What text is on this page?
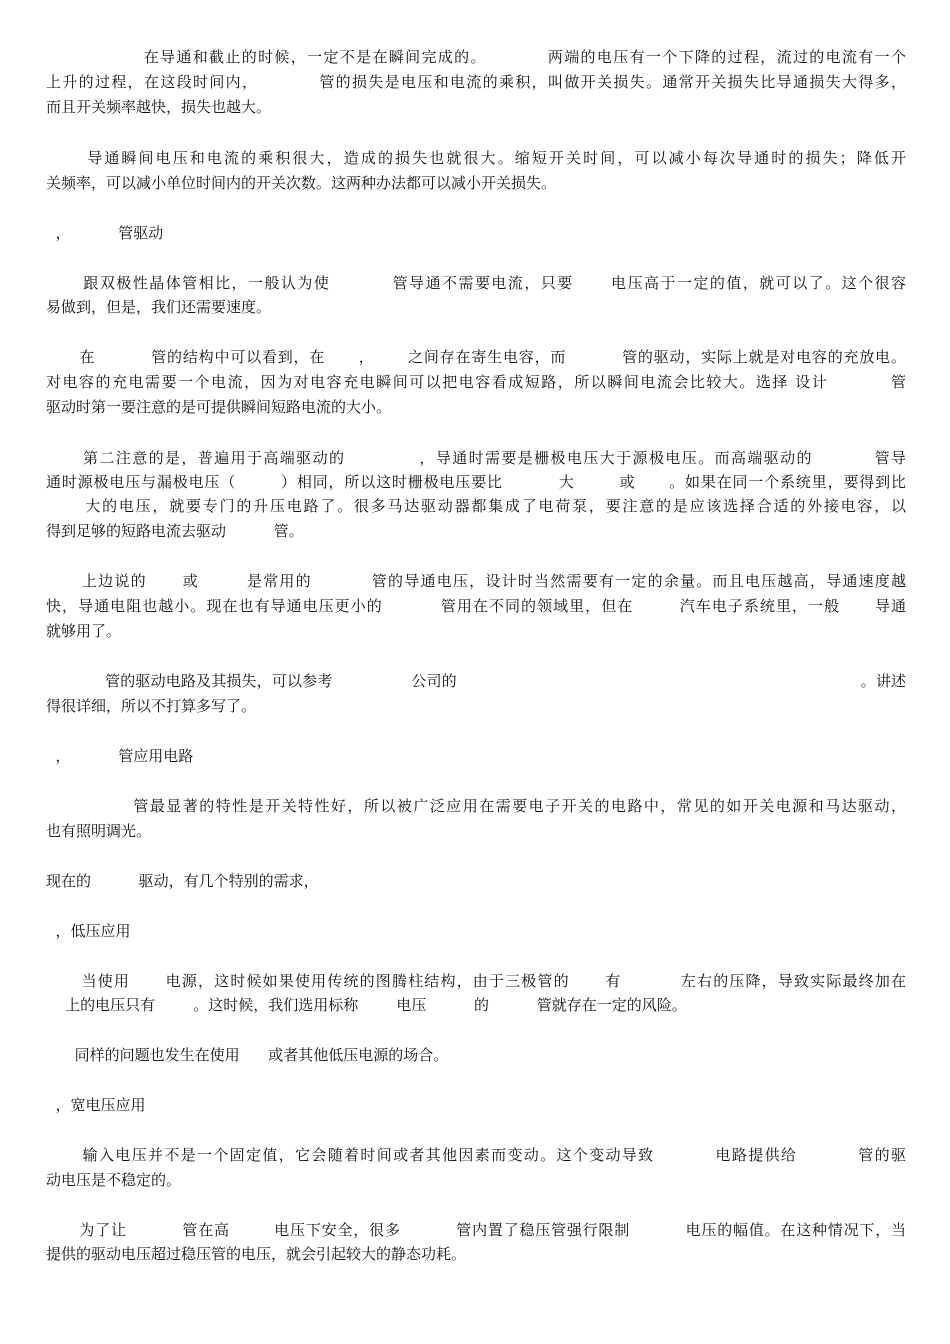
在导通和截止的时候，一定不是在瞬间完成的。          两端的电压有一个下降的过程，流过的电流有一个
上升的过程，在这段时间内，          管的损失是电压和电流的乘积，叫做开关损失。通常开关损失比导通损失大得多，
而且开关频率越快，损失也越大。
导通瞬间电压和电流的乘积很大，造成的损失也就很大。缩短开关时间，可以减小每次导通时的损失；降低开
关频率，可以减小单位时间内的开关次数。这两种办法都可以减小开关损失。
，          管驱动
跟双极性晶体管相比，一般认为使          管导通不需要电流，只要      电压高于一定的值，就可以了。这个很容
易做到，但是，我们还需要速度。
在          管的结构中可以看到，在      ，      之间存在寄生电容，而          管的驱动，实际上就是对电容的充放电。
对电容的充电需要一个电流，因为对电容充电瞬间可以把电容看成短路，所以瞬间电流会比较大。选择 设计          管
驱动时第一要注意的是可提供瞬间短路电流的大小。
第二注意的是，普遍用于高端驱动的            ，导通时需要是栅极电压大于源极电压。而高端驱动的          管导
通时源极电压与漏极电压（        ）相同，所以这时栅极电压要比          大        或      。如果在同一个系统里，要得到比
大的电压，就要专门的升压电路了。很多马达驱动器都集成了电荷泵，要注意的是应该选择合适的外接电容，以
得到足够的短路电流去驱动          管。
上边说的      或        是常用的          管的导通电压，设计时当然需要有一定的余量。而且电压越高，导通速度越
快，导通电阻也越小。现在也有导通电压更小的          管用在不同的领域里，但在        汽车电子系统里，一般      导通
就够用了。
管的驱动电路及其损失，可以参考                公司的                                                                                  。讲述
得很详细，所以不打算多写了。
，          管应用电路
管最显著的特性是开关特性好，所以被广泛应用在需要电子开关的电路中，常见的如开关电源和马达驱动，
也有照明调光。
现在的          驱动，有几个特别的需求，
，低压应用
当使用      电源，这时候如果使用传统的图腾柱结构，由于三极管的      有          左右的压降，导致实际最终加在
上的电压只有        。这时候，我们选用标称        电压          的          管就存在一定的风险。
同样的问题也发生在使用      或者其他低压电源的场合。
，宽电压应用
输入电压并不是一个固定值，它会随着时间或者其他因素而变动。这个变动导致          电路提供给          管的驱
动电压是不稳定的。
为了让          管在高        电压下安全，很多          管内置了稳压管强行限制          电压的幅值。在这种情况下，当
提供的驱动电压超过稳压管的电压，就会引起较大的静态功耗。
